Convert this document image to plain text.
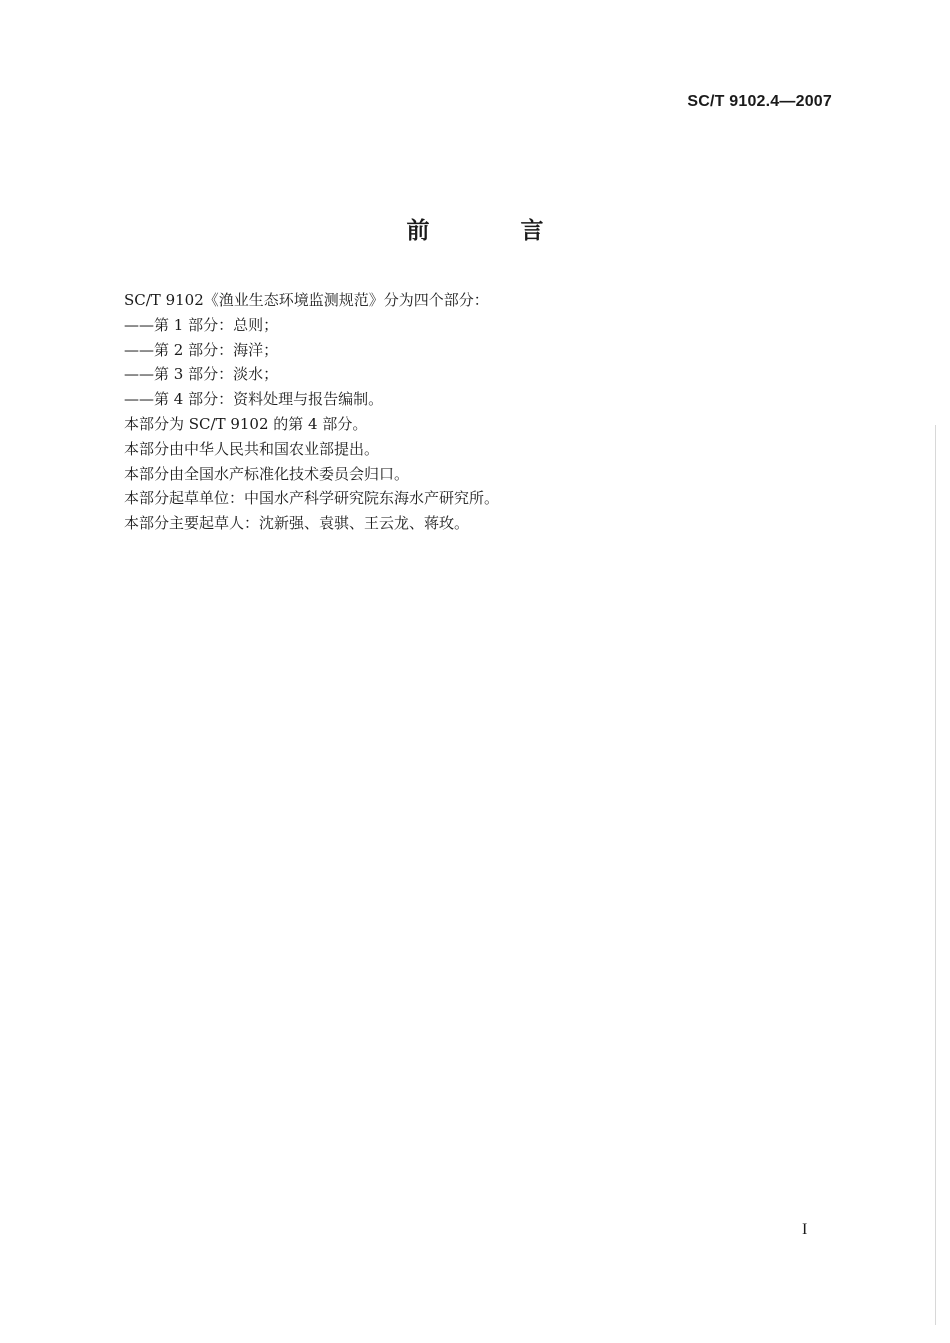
SC/T 9102.4—2007
前　言
SC/T 9102《渔业生态环境监测规范》分为四个部分：
——第 1 部分：总则；
——第 2 部分：海洋；
——第 3 部分：淡水；
——第 4 部分：资料处理与报告编制。
本部分为 SC/T 9102 的第 4 部分。
本部分由中华人民共和国农业部提出。
本部分由全国水产标准化技术委员会归口。
本部分起草单位：中国水产科学研究院东海水产研究所。
本部分主要起草人：沈新强、袁骐、王云龙、蒋玫。
I
